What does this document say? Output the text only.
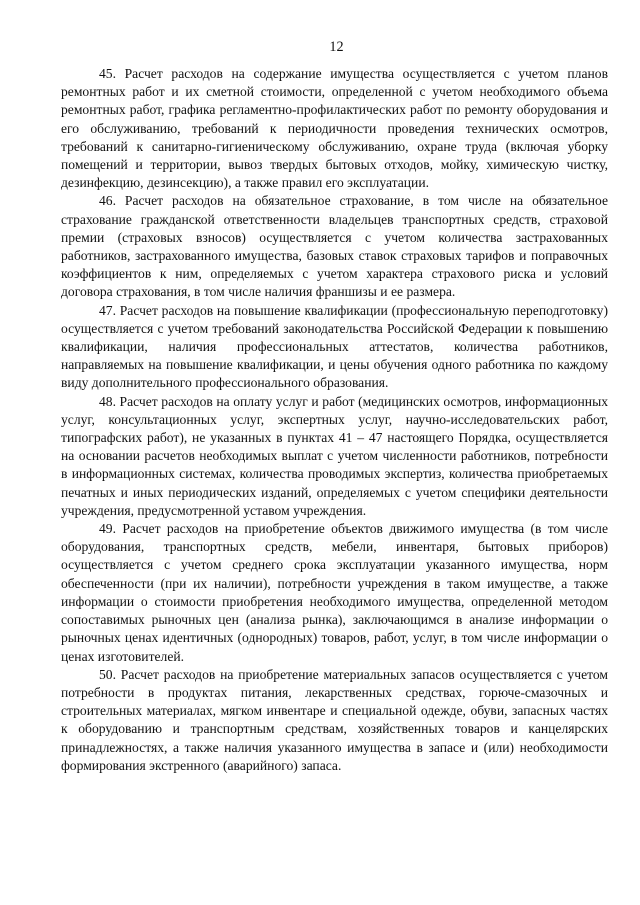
12

45. Расчет расходов на содержание имущества осуществляется с учетом планов ремонтных работ и их сметной стоимости, определенной с учетом необходимого объема ремонтных работ, графика регламентно-профилактических работ по ремонту оборудования и его обслуживанию, требований к периодичности проведения технических осмотров, требований к санитарно-гигиеническому обслуживанию, охране труда (включая уборку помещений и территории, вывоз твердых бытовых отходов, мойку, химическую чистку, дезинфекцию, дезинсекцию), а также правил его эксплуатации.

46. Расчет расходов на обязательное страхование, в том числе на обязательное страхование гражданской ответственности владельцев транспортных средств, страховой премии (страховых взносов) осуществляется с учетом количества застрахованных работников, застрахованного имущества, базовых ставок страховых тарифов и поправочных коэффициентов к ним, определяемых с учетом характера страхового риска и условий договора страхования, в том числе наличия франшизы и ее размера.

47. Расчет расходов на повышение квалификации (профессиональную переподготовку) осуществляется с учетом требований законодательства Российской Федерации к повышению квалификации, наличия профессиональных аттестатов, количества работников, направляемых на повышение квалификации, и цены обучения одного работника по каждому виду дополнительного профессионального образования.

48. Расчет расходов на оплату услуг и работ (медицинских осмотров, информационных услуг, консультационных услуг, экспертных услуг, научно-исследовательских работ, типографских работ), не указанных в пунктах 41 – 47 настоящего Порядка, осуществляется на основании расчетов необходимых выплат с учетом численности работников, потребности в информационных системах, количества проводимых экспертиз, количества приобретаемых печатных и иных периодических изданий, определяемых с учетом специфики деятельности учреждения, предусмотренной уставом учреждения.

49. Расчет расходов на приобретение объектов движимого имущества (в том числе оборудования, транспортных средств, мебели, инвентаря, бытовых приборов) осуществляется с учетом среднего срока эксплуатации указанного имущества, норм обеспеченности (при их наличии), потребности учреждения в таком имуществе, а также информации о стоимости приобретения необходимого имущества, определенной методом сопоставимых рыночных цен (анализа рынка), заключающимся в анализе информации о рыночных ценах идентичных (однородных) товаров, работ, услуг, в том числе информации о ценах изготовителей.

50. Расчет расходов на приобретение материальных запасов осуществляется с учетом потребности в продуктах питания, лекарственных средствах, горюче-смазочных и строительных материалах, мягком инвентаре и специальной одежде, обуви, запасных частях к оборудованию и транспортным средствам, хозяйственных товаров и канцелярских принадлежностях, а также наличия указанного имущества в запасе и (или) необходимости формирования экстренного (аварийного) запаса.
